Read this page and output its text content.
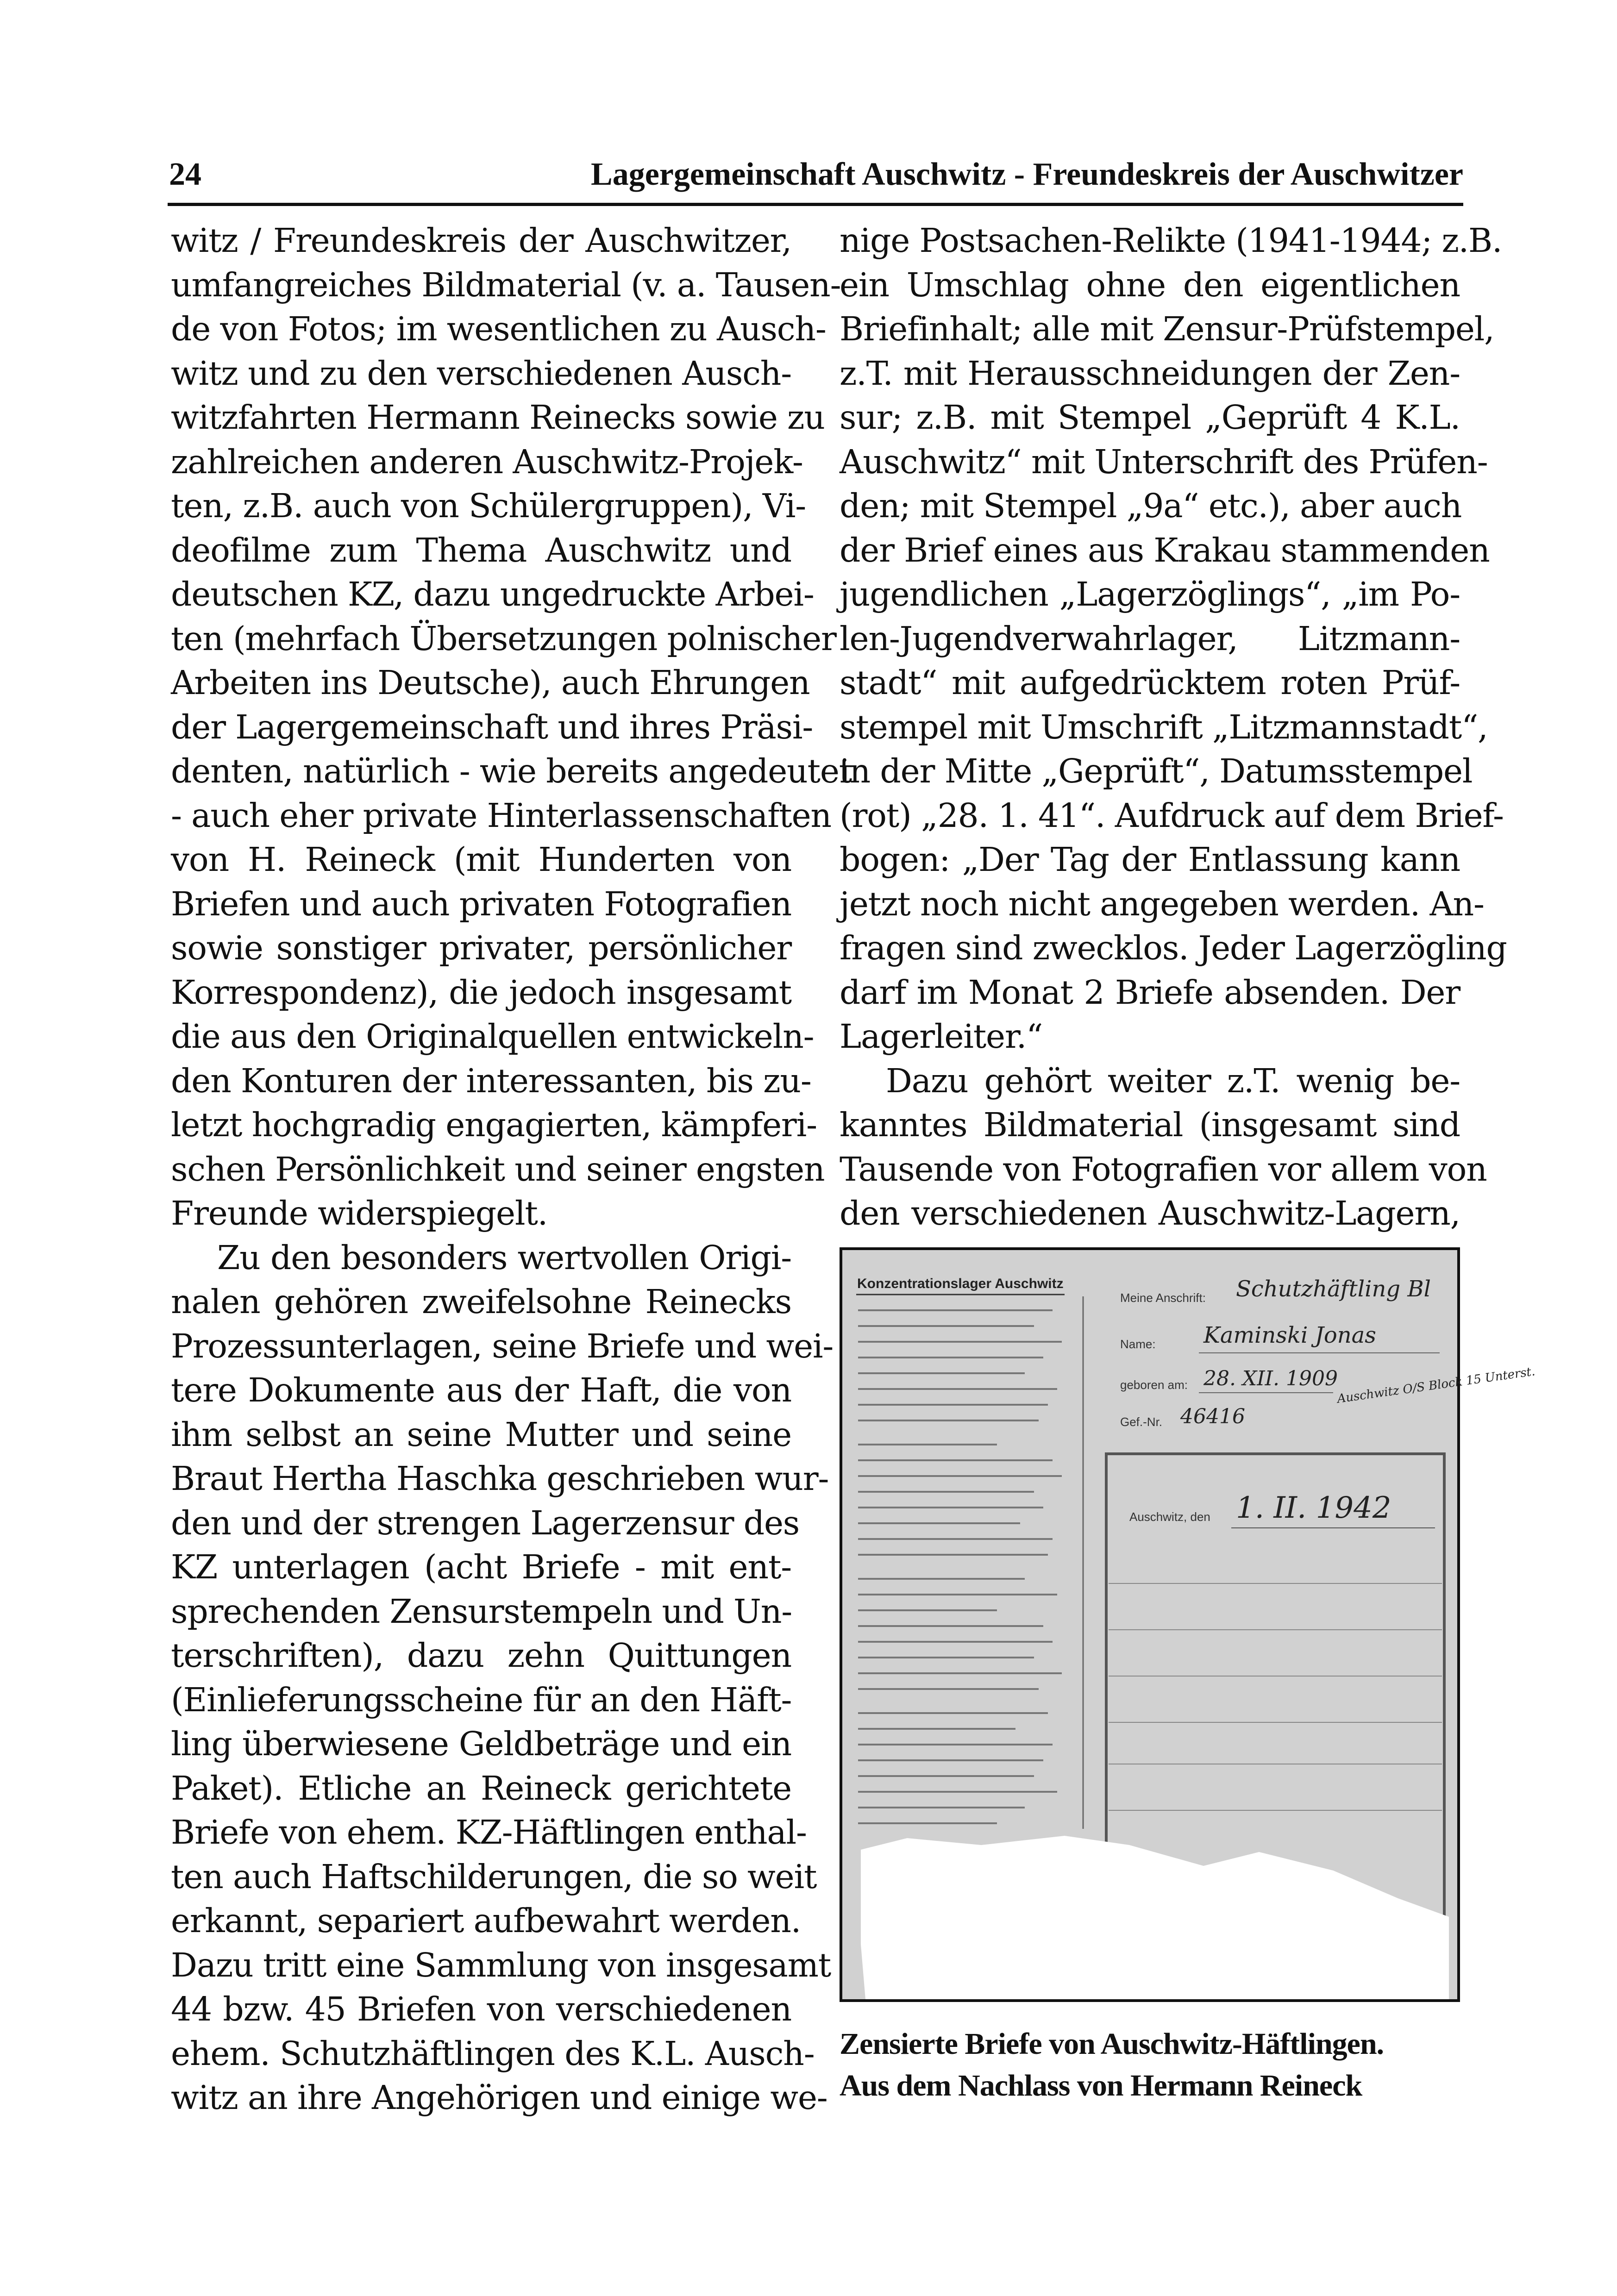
24	Lagergemeinschaft Auschwitz - Freundeskreis der Auschwitzer
witz / Freundeskreis der Auschwitzer,
umfangreiches Bildmaterial (v. a. Tausen-
de von Fotos; im wesentlichen zu Ausch-
witz und zu den verschiedenen Ausch-
witzfahrten Hermann Reinecks sowie zu
zahlreichen anderen Auschwitz-Projek-
ten, z.B. auch von Schülergruppen), Vi-
deofilme zum Thema Auschwitz und
deutschen KZ, dazu ungedruckte Arbei-
ten (mehrfach Übersetzungen polnischer
Arbeiten ins Deutsche), auch Ehrungen
der Lagergemeinschaft und ihres Präsi-
denten, natürlich - wie bereits angedeutet
- auch eher private Hinterlassenschaften
von H. Reineck (mit Hunderten von
Briefen und auch privaten Fotografien
sowie sonstiger privater, persönlicher
Korrespondenz), die jedoch insgesamt
die aus den Originalquellen entwickeln-
den Konturen der interessanten, bis zu-
letzt hochgradig engagierten, kämpferi-
schen Persönlichkeit und seiner engsten
Freunde widerspiegelt.
Zu den besonders wertvollen Origi-
nalen gehören zweifelsohne Reinecks
Prozessunterlagen, seine Briefe und wei-
tere Dokumente aus der Haft, die von
ihm selbst an seine Mutter und seine
Braut Hertha Haschka geschrieben wur-
den und der strengen Lagerzensur des
KZ unterlagen (acht Briefe - mit ent-
sprechenden Zensurstempeln und Un-
terschriften), dazu zehn Quittungen
(Einlieferungsscheine für an den Häft-
ling überwiesene Geldbeträge und ein
Paket). Etliche an Reineck gerichtete
Briefe von ehem. KZ-Häftlingen enthal-
ten auch Haftschilderungen, die so weit
erkannt, separiert aufbewahrt werden.
Dazu tritt eine Sammlung von insgesamt
44 bzw. 45 Briefen von verschiedenen
ehem. Schutzhäftlingen des K.L. Ausch-
witz an ihre Angehörigen und einige we-
nige Postsachen-Relikte (1941-1944; z.B.
ein Umschlag ohne den eigentlichen
Briefinhalt; alle mit Zensur-Prüfstempel,
z.T. mit Herausschneidungen der Zen-
sur; z.B. mit Stempel „Geprüft 4 K.L.
Auschwitz“ mit Unterschrift des Prüfen-
den; mit Stempel „9a“ etc.), aber auch
der Brief eines aus Krakau stammenden
jugendlichen „Lagerzöglings“, „im Po-
len-Jugendverwahrlager, Litzmann-
stadt“ mit aufgedrücktem roten Prüf-
stempel mit Umschrift „Litzmannstadt“,
in der Mitte „Geprüft“, Datumsstempel
(rot) „28. 1. 41“. Aufdruck auf dem Brief-
bogen: „Der Tag der Entlassung kann
jetzt noch nicht angegeben werden. An-
fragen sind zwecklos. Jeder Lagerzögling
darf im Monat 2 Briefe absenden. Der
Lagerleiter.“
Dazu gehört weiter z.T. wenig be-
kanntes Bildmaterial (insgesamt sind
Tausende von Fotografien vor allem von
den verschiedenen Auschwitz-Lagern,
Konzentrationslager Auschwitz
Meine Anschrift: Schutzhäftling Bl
Name: Kaminski Jonas
geboren am: 28. XII. 1909
Gef.-Nr. 46416
Auschwitz O/S Block 15 Unterst.
Auschwitz, den 1. II. 1942
Zensierte Briefe von Auschwitz-Häftlingen.
Aus dem Nachlass von Hermann Reineck
